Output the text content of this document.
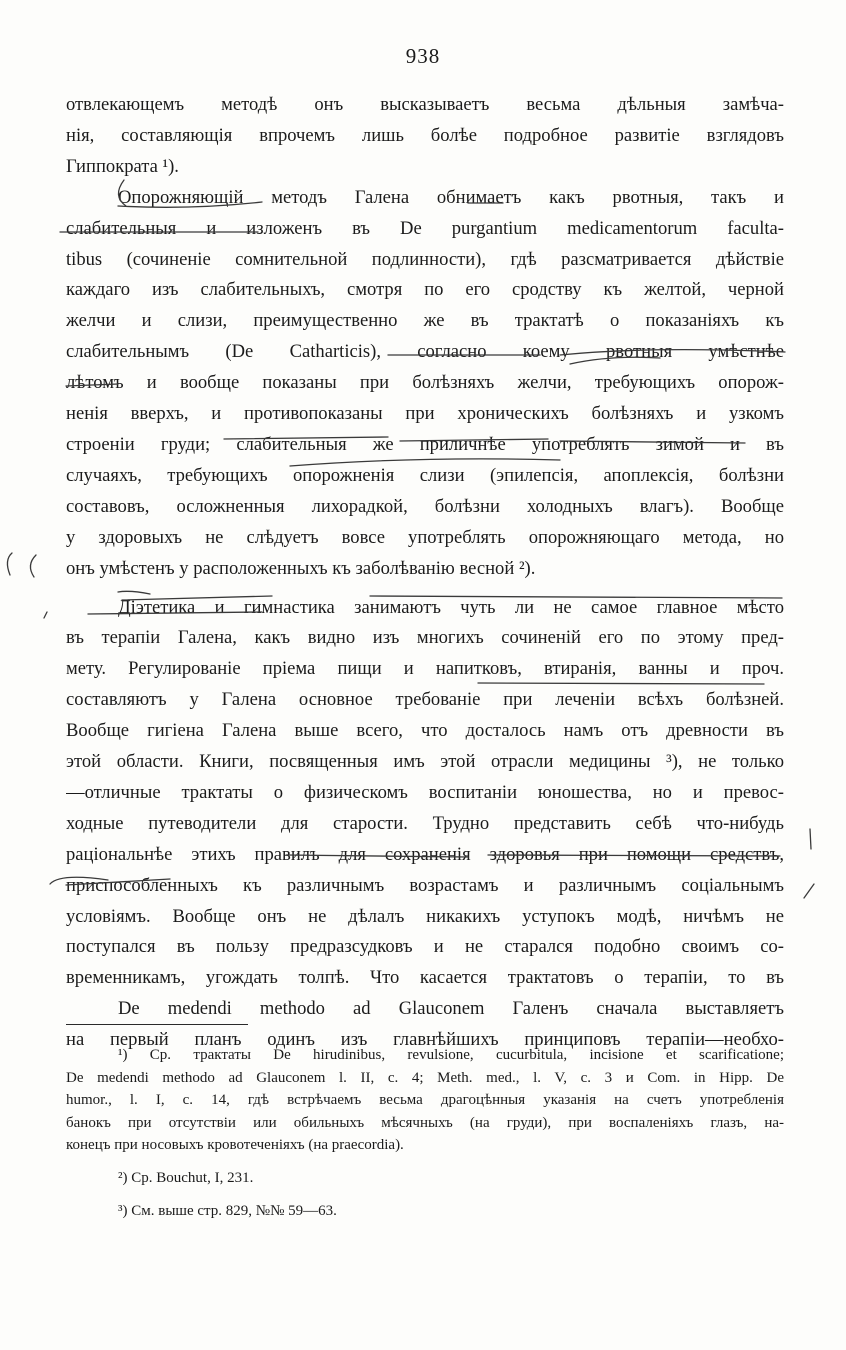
938
отвлекающемъ методѣ онъ высказываетъ весьма дѣльныя замѣча-
нія, составляющія впрочемъ лишь болѣе подробное развитіе взглядовъ
Гиппократа ¹).
Опорожняющій методъ Галена обнимаетъ какъ рвотныя, такъ и
слабительныя и изложенъ въ De purgantium medicamentorum faculta-
tibus (сочиненіе сомнительной подлинности), гдѣ разсматривается дѣйствіе
каждаго изъ слабительныхъ, смотря по его сродству къ желтой, черной
желчи и слизи, преимущественно же въ трактатѣ о показаніяхъ къ
слабительнымъ (De Catharticis), согласно коему рвотныя умѣстнѣе
лѣтомъ и вообще показаны при болѣзняхъ желчи, требующихъ опорож-
ненія вверхъ, и противопоказаны при хроническихъ болѣзняхъ и узкомъ
строеніи груди; слабительныя же приличнѣе употреблять зимой и въ
случаяхъ, требующихъ опорожненія слизи (эпилепсія, апоплексія, болѣзни
составовъ, осложненныя лихорадкой, болѣзни холодныхъ влагъ). Вообще
у здоровыхъ не слѣдуетъ вовсе употреблять опорожняющаго метода, но
онъ умѣстенъ у расположенныхъ къ заболѣванію весной ²).
Діэтетика и гимнастика занимаютъ чуть ли не самое главное мѣсто
въ терапіи Галена, какъ видно изъ многихъ сочиненій его по этому пред-
мету. Регулированіе пріема пищи и напитковъ, втиранія, ванны и проч.
составляютъ у Галена основное требованіе при леченіи всѣхъ болѣзней.
Вообще гигіена Галена выше всего, что досталось намъ отъ древности въ
этой области. Книги, посвященныя имъ этой отрасли медицины ³), не только
—отличные трактаты о физическомъ воспитаніи юношества, но и превос-
ходные путеводители для старости. Трудно представить себѣ что-нибудь
раціональнѣе этихъ правилъ для сохраненія здоровья при помощи средствъ,
приспособленныхъ къ различнымъ возрастамъ и различнымъ соціальнымъ
условіямъ. Вообще онъ не дѣлалъ никакихъ уступокъ модѣ, ничѣмъ не
поступался въ пользу предразсудковъ и не старался подобно своимъ со-
временникамъ, угождать толпѣ. Что касается трактатовъ о терапіи, то въ
De medendi methodo ad Glauconem Галенъ сначала выставляетъ
на первый планъ одинъ изъ главнѣйшихъ принциповъ терапіи—необхо-
¹) Ср. трактаты De hirudinibus, revulsione, cucurbitula, incisione et scarificatione;
De medendi methodo ad Glauconem l. II, c. 4; Meth. med., l. V, c. 3 и Com. in Hipp. De
humor., l. I, c. 14, гдѣ встрѣчаемъ весьма драгоцѣнныя указанія на счетъ употребленія
банокъ при отсутствіи или обильныхъ мѣсячныхъ (на груди), при воспаленіяхъ глазъ, на-
конецъ при носовыхъ кровотеченіяхъ (на praecordia).
²) Ср. Bouchut, I, 231.
³) См. выше стр. 829, №№ 59—63.
